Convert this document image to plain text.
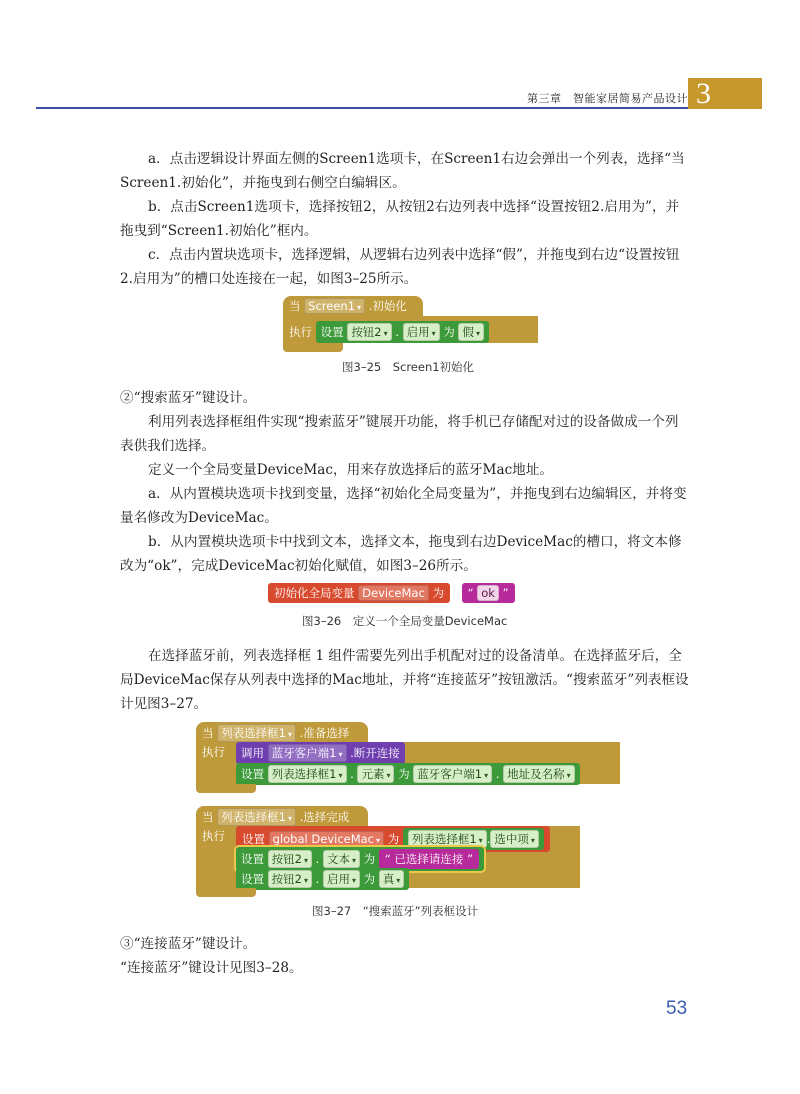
第三章　智能家居简易产品设计 3
a．点击逻辑设计界面左侧的Screen1选项卡，在Screen1右边会弹出一个列表，选择“当Screen1.初始化”，并拖曳到右侧空白编辑区。
b．点击Screen1选项卡，选择按钮2，从按钮2右边列表中选择“设置按钮2.启用为”，并拖曳到“Screen1.初始化”框内。
c．点击内置块选项卡，选择逻辑，从逻辑右边列表中选择“假”，并拖曳到右边“设置按钮2.启用为”的槽口处连接在一起，如图3–25所示。
当 Screen1 ▾ .初始化
执行 设置 按钮2 ▾ . 启用 ▾ 为 假 ▾
图3–25　Screen1初始化
②“搜索蓝牙”键设计。
利用列表选择框组件实现“搜索蓝牙”键展开功能，将手机已存储配对过的设备做成一个列表供我们选择。
定义一个全局变量DeviceMac，用来存放选择后的蓝牙Mac地址。
a．从内置模块选项卡找到变量，选择“初始化全局变量为”，并拖曳到右边编辑区，并将变量名修改为DeviceMac。
b．从内置模块选项卡中找到文本，选择文本，拖曳到右边DeviceMac的槽口，将文本修改为“ok”，完成DeviceMac初始化赋值，如图3–26所示。
初始化全局变量 DeviceMac 为 “ ok ”
图3–26　定义一个全局变量DeviceMac
在选择蓝牙前，列表选择框 1 组件需要先列出手机配对过的设备清单。在选择蓝牙后，全局DeviceMac保存从列表中选择的Mac地址，并将“连接蓝牙”按钮激活。“搜索蓝牙”列表框设计见图3–27。
当 列表选择框1 ▾ .准备选择
执行	调用 蓝牙客户端1 ▾ .断开连接
设置 列表选择框1 ▾ . 元素 ▾ 为 蓝牙客户端1 ▾ . 地址及名称 ▾
当 列表选择框1 ▾ .选择完成
执行	设置 global DeviceMac ▾ 为 列表选择框1 ▾ . 选中项 ▾
设置 按钮2 ▾ . 文本 ▾ 为 “ 已选择请连接 ”
设置 按钮2 ▾ . 启用 ▾ 为 真 ▾
图3–27　“搜索蓝牙”列表框设计
③“连接蓝牙”键设计。
“连接蓝牙”键设计见图3–28。
53
